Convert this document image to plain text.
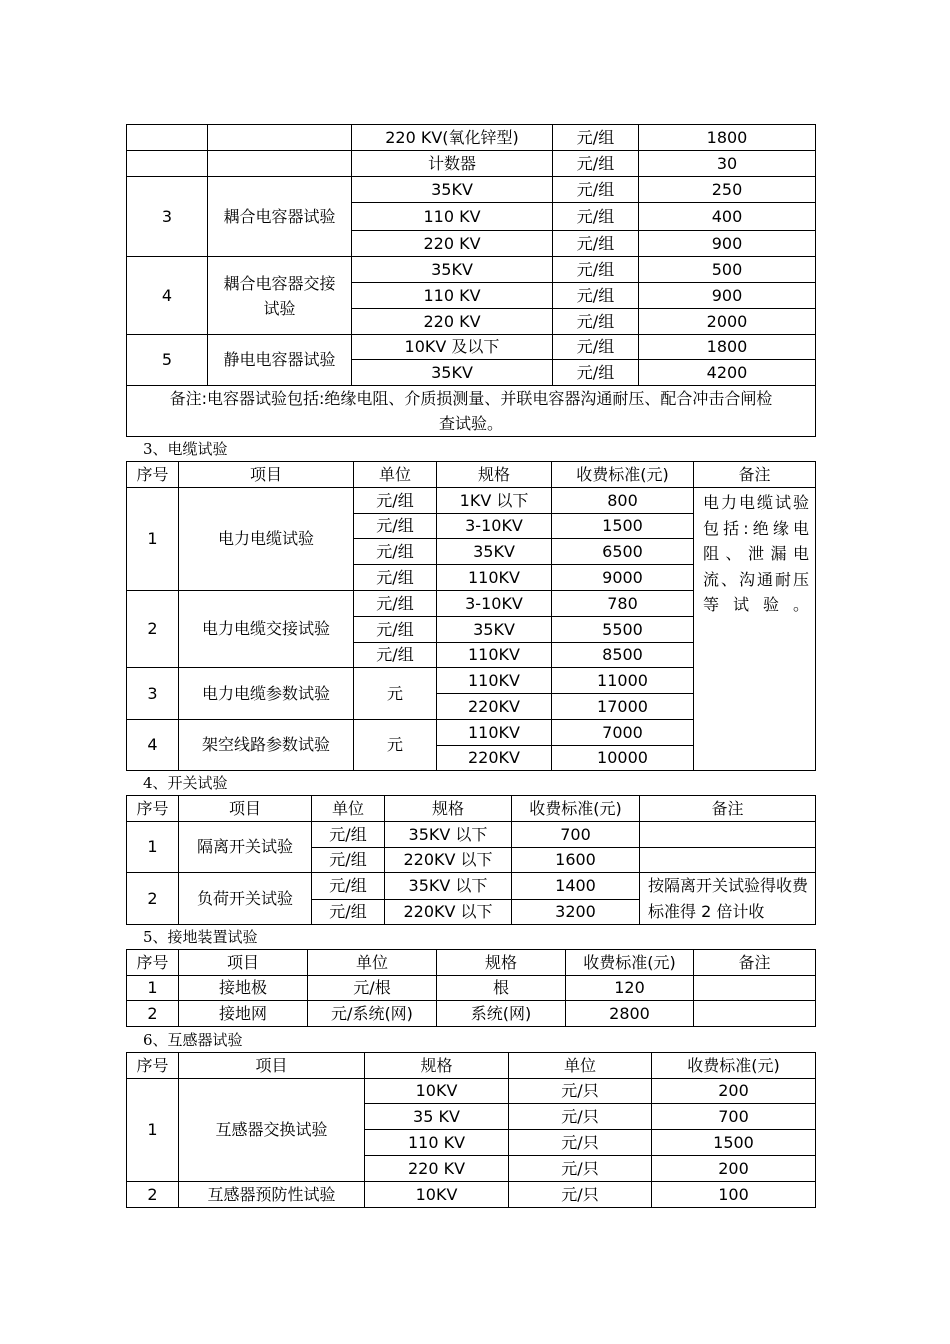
		220 KV(氧化锌型)	元/组	1800
		计数器	元/组	30
3	耦合电容器试验	35KV	元/组	250
		110 KV	元/组	400
		220 KV	元/组	900
4	耦合电容器交接试验	35KV	元/组	500
		110 KV	元/组	900
		220 KV	元/组	2000
5	静电电容器试验	10KV 及以下	元/组	1800
		35KV	元/组	4200
备注:电容器试验包括:绝缘电阻、介质损测量、并联电容器沟通耐压、配合冲击合闸检查试验。				
3、电缆试验
序号	项目	单位	规格	收费标准(元)	备注
1	电力电缆试验	元/组	1KV 以下	800	电力电缆试验包括:绝缘电阻、泄漏电流、沟通耐压等试验。

		元/组	3-10KV	1500	
		元/组	35KV	6500	
		元/组	110KV	9000	
2	电力电缆交接试验	元/组	3-10KV	780	
		元/组	35KV	5500	
		元/组	110KV	8500	
3	电力电缆参数试验	元	110KV	11000	
			220KV	17000	
4	架空线路参数试验	元	110KV	7000	
			220KV	10000	
4、开关试验
序号	项目	单位	规格	收费标准(元)	备注
1	隔离开关试验	元/组	35KV 以下	700	
		元/组	220KV 以下	1600	
2	负荷开关试验	元/组	35KV 以下	1400	按隔离开关试验得收费标准得 2 倍计收
		元/组	220KV 以下	3200	
5、接地装置试验
序号	项目	单位	规格	收费标准(元)	备注
1	接地极	元/根	根	120	
2	接地网	元/系统(网)	系统(网)	2800	
6、互感器试验
序号	项目	规格	单位	收费标准(元)
1	互感器交换试验	10KV	元/只	200
		35 KV	元/只	700
		110 KV	元/只	1500
		220 KV	元/只	200
2	互感器预防性试验	10KV	元/只	100
